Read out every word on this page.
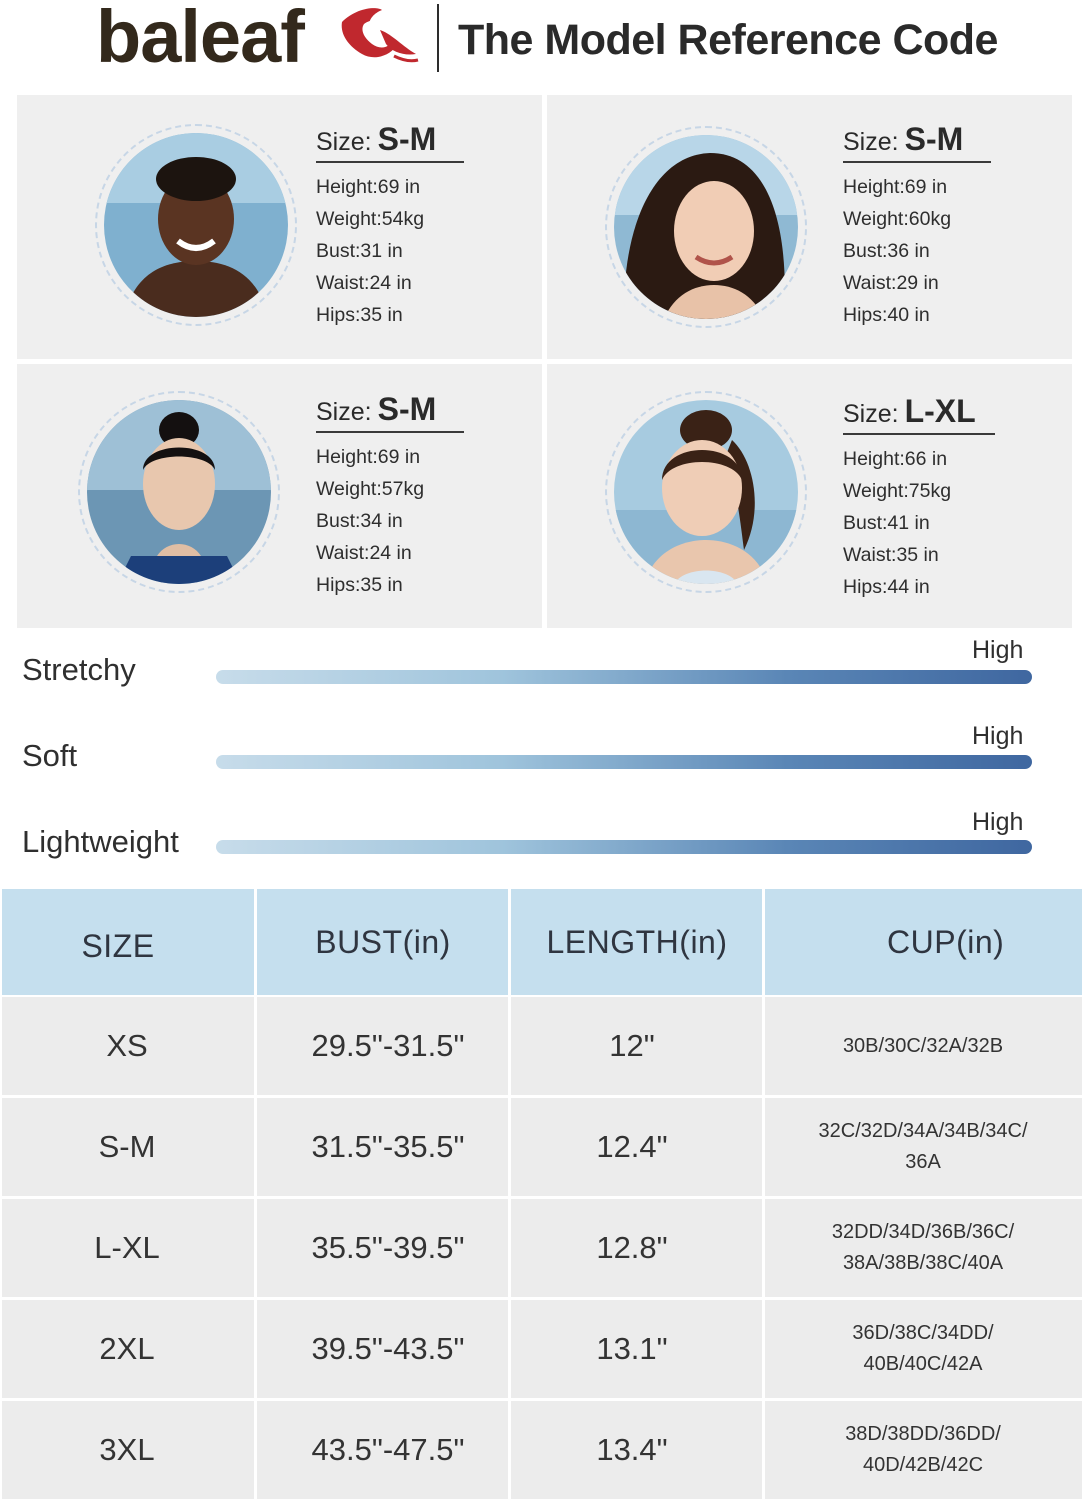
baleaf	The Model Reference Code
Size: S-M
Height:69 in
Weight:54kg
Bust:31 in
Waist:24 in
Hips:35 in
Size: S-M
Height:69 in
Weight:60kg
Bust:36 in
Waist:29 in
Hips:40 in
Size: S-M
Height:69 in
Weight:57kg
Bust:34 in
Waist:24 in
Hips:35 in
Size: L-XL
Height:66 in
Weight:75kg
Bust:41 in
Waist:35 in
Hips:44 in
Stretchy
High
Soft
High
Lightweight
High
SIZE	BUST(in)	LENGTH(in)	CUP(in)
XS	29.5"-31.5"	12"	30B/30C/32A/32B
S-M	31.5"-35.5"	12.4"	32C/32D/34A/34B/34C/
36A
L-XL	35.5"-39.5"	12.8"	32DD/34D/36B/36C/
38A/38B/38C/40A
2XL	39.5"-43.5"	13.1"	36D/38C/34DD/
40B/40C/42A
3XL	43.5"-47.5"	13.4"	38D/38DD/36DD/
40D/42B/42C
